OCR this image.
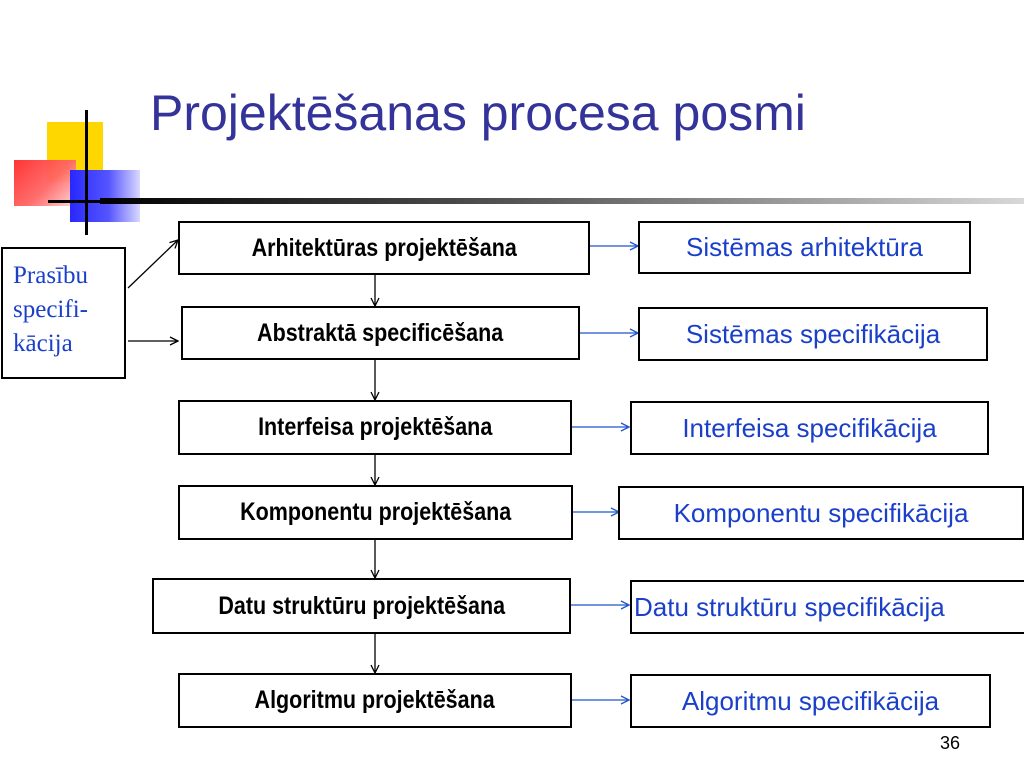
Projektēšanas procesa posmi
Prasību
specifi-
kācija
Arhitektūras projektēšana
Abstraktā specificēšana
Interfeisa projektēšana
Komponentu projektēšana
Datu struktūru projektēšana
Algoritmu projektēšana
Sistēmas arhitektūra
Sistēmas specifikācija
Interfeisa specifikācija
Komponentu specifikācija
Datu struktūru specifikācija
Algoritmu specifikācija
36
